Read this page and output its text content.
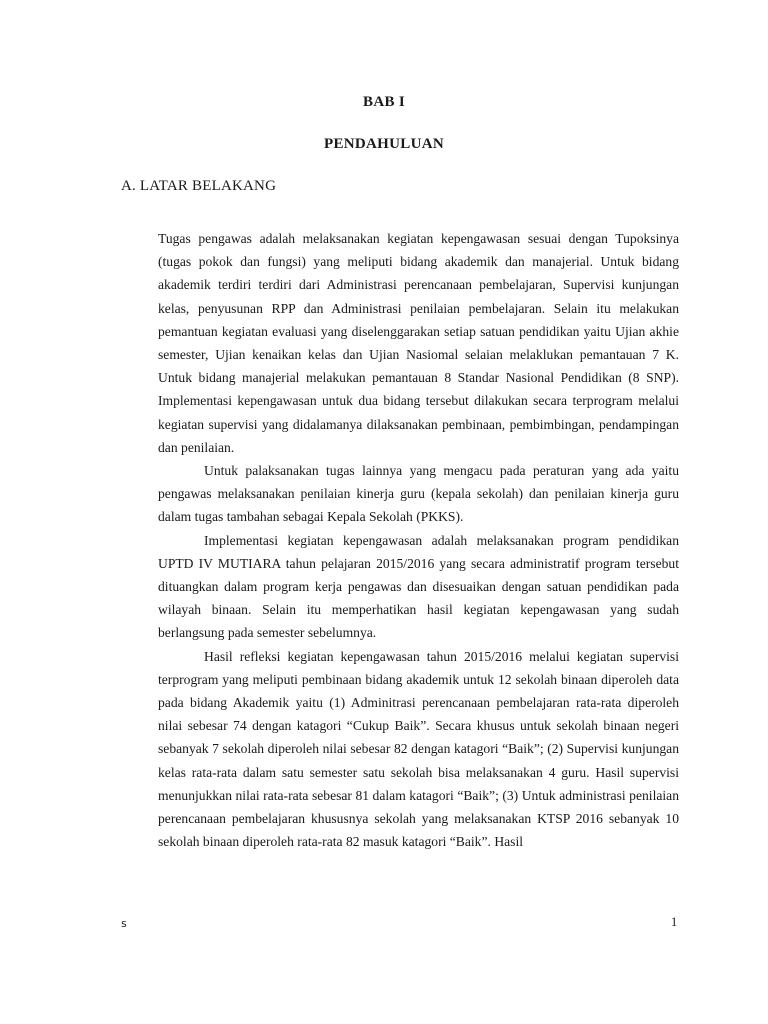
BAB I
PENDAHULUAN
A. LATAR BELAKANG

Tugas pengawas adalah melaksanakan kegiatan kepengawasan sesuai dengan Tupoksinya (tugas pokok dan fungsi) yang meliputi bidang akademik dan manajerial. Untuk bidang akademik terdiri terdiri dari Administrasi perencanaan pembelajaran, Supervisi kunjungan kelas, penyusunan RPP dan Administrasi penilaian pembelajaran. Selain itu melakukan pemantuan kegiatan evaluasi yang diselenggarakan setiap satuan pendidikan yaitu Ujian akhie semester, Ujian kenaikan kelas dan Ujian Nasiomal selaian melaklukan pemantauan 7 K. Untuk bidang manajerial melakukan pemantauan 8 Standar Nasional Pendidikan (8 SNP). Implementasi kepengawasan untuk dua bidang tersebut dilakukan secara terprogram melalui kegiatan supervisi yang didalamanya dilaksanakan pembinaan, pembimbingan, pendampingan dan penilaian.

Untuk palaksanakan tugas lainnya yang mengacu pada peraturan yang ada yaitu pengawas melaksanakan penilaian kinerja guru (kepala sekolah) dan penilaian kinerja guru dalam tugas tambahan sebagai Kepala Sekolah (PKKS).

Implementasi kegiatan kepengawasan adalah melaksanakan program pendidikan UPTD IV MUTIARA tahun pelajaran 2015/2016 yang secara administratif program tersebut dituangkan dalam program kerja pengawas dan disesuaikan dengan satuan pendidikan pada wilayah binaan. Selain itu memperhatikan hasil kegiatan kepengawasan yang sudah berlangsung pada semester sebelumnya.

Hasil refleksi kegiatan kepengawasan tahun 2015/2016 melalui kegiatan supervisi terprogram yang meliputi pembinaan bidang akademik untuk 12 sekolah binaan diperoleh data pada bidang Akademik yaitu (1) Adminitrasi perencanaan pembelajaran rata-rata diperoleh nilai sebesar 74 dengan katagori “Cukup Baik”. Secara khusus untuk sekolah binaan negeri sebanyak 7 sekolah diperoleh nilai sebesar 82 dengan katagori “Baik”; (2) Supervisi kunjungan kelas rata-rata dalam satu semester satu sekolah bisa melaksanakan 4 guru. Hasil supervisi menunjukkan nilai rata-rata sebesar 81 dalam katagori “Baik”; (3) Untuk administrasi penilaian perencanaan pembelajaran khususnya sekolah yang melaksanakan KTSP 2016 sebanyak 10 sekolah binaan diperoleh rata-rata 82 masuk katagori “Baik”. Hasil

s	1
